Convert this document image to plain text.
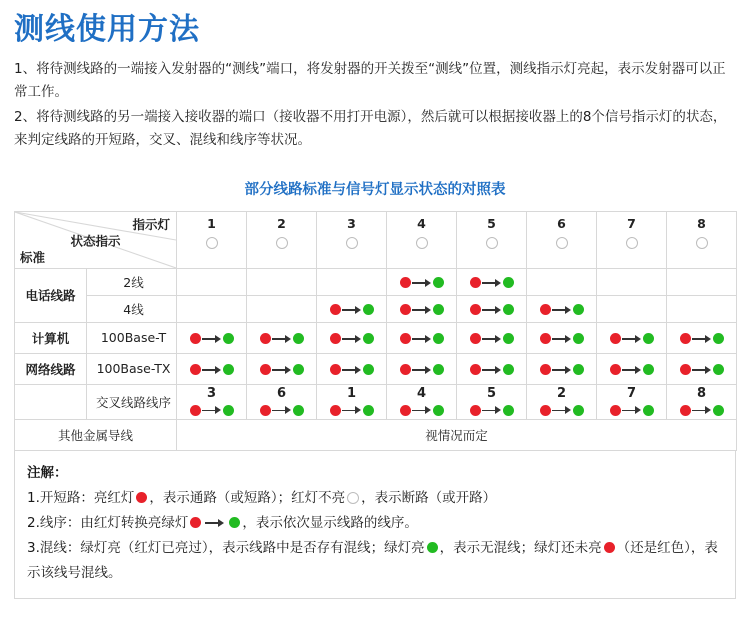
测线使用方法

1、将待测线路的一端接入发射器的“测线”端口，将发射器的开关拨至“测线”位置，测线指示灯亮起，表示发射器可以正常工作。

2、将待测线路的另一端接入接收器的端口（接收器不用打开电源），然后就可以根据接收器上的8个信号指示灯的状态，来判定线路的开短路，交叉、混线和线序等状况。

部分线路标准与信号灯显示状态的对照表
指示灯
状态指示
标准		1	2	3	4	5	6	7	8

电话线路	2线								
	4线								
计算机	100Base-T								
网络线路	100Base-TX								
	交叉线路线序	3	6	1	4	5	2	7	8

其他金属导线		视情况而定							

注解：

1.开短路：亮红灯 ，表示通路（或短路）；红灯不亮 ，表示断路（或开路）

2.线序：由红灯转换亮绿灯	，表示依次显示线路的线序。

3.混线：绿灯亮（红灯已亮过），表示线路中是否存有混线；绿灯亮 ，表示无混线；绿灯还未亮 （还是红色），表示该线号混线。
